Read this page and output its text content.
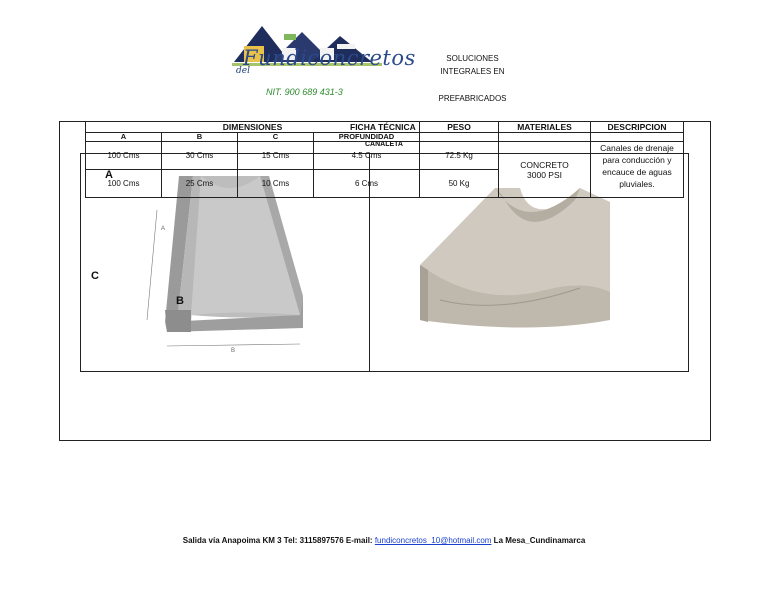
Fundiconcretos
del
NIT. 900 689 431-3
SOLUCIONES
INTEGRALES EN
PREFABRICADOS
B
A
A
B
C
DIMENSIONES				PESO	MATERIALES	DESCRIPCION
A	B	C	PROFUNDIDAD			
100 Cms	30 Cms	15 Cms	4.5 Cms	72.5 Kg	CONCRETO 3000 PSI	Canales de drenaje para conducción y encauce de aguas pluviales.
100 Cms	25 Cms	10 Cms	6 Cms	50 Kg		
FICHA TÉCNICA
CANALETA
Salida vía Anapoima KM 3 Tel: 3115897576 E-mail: fundiconcretos_10@hotmail.com La Mesa_Cundinamarca
